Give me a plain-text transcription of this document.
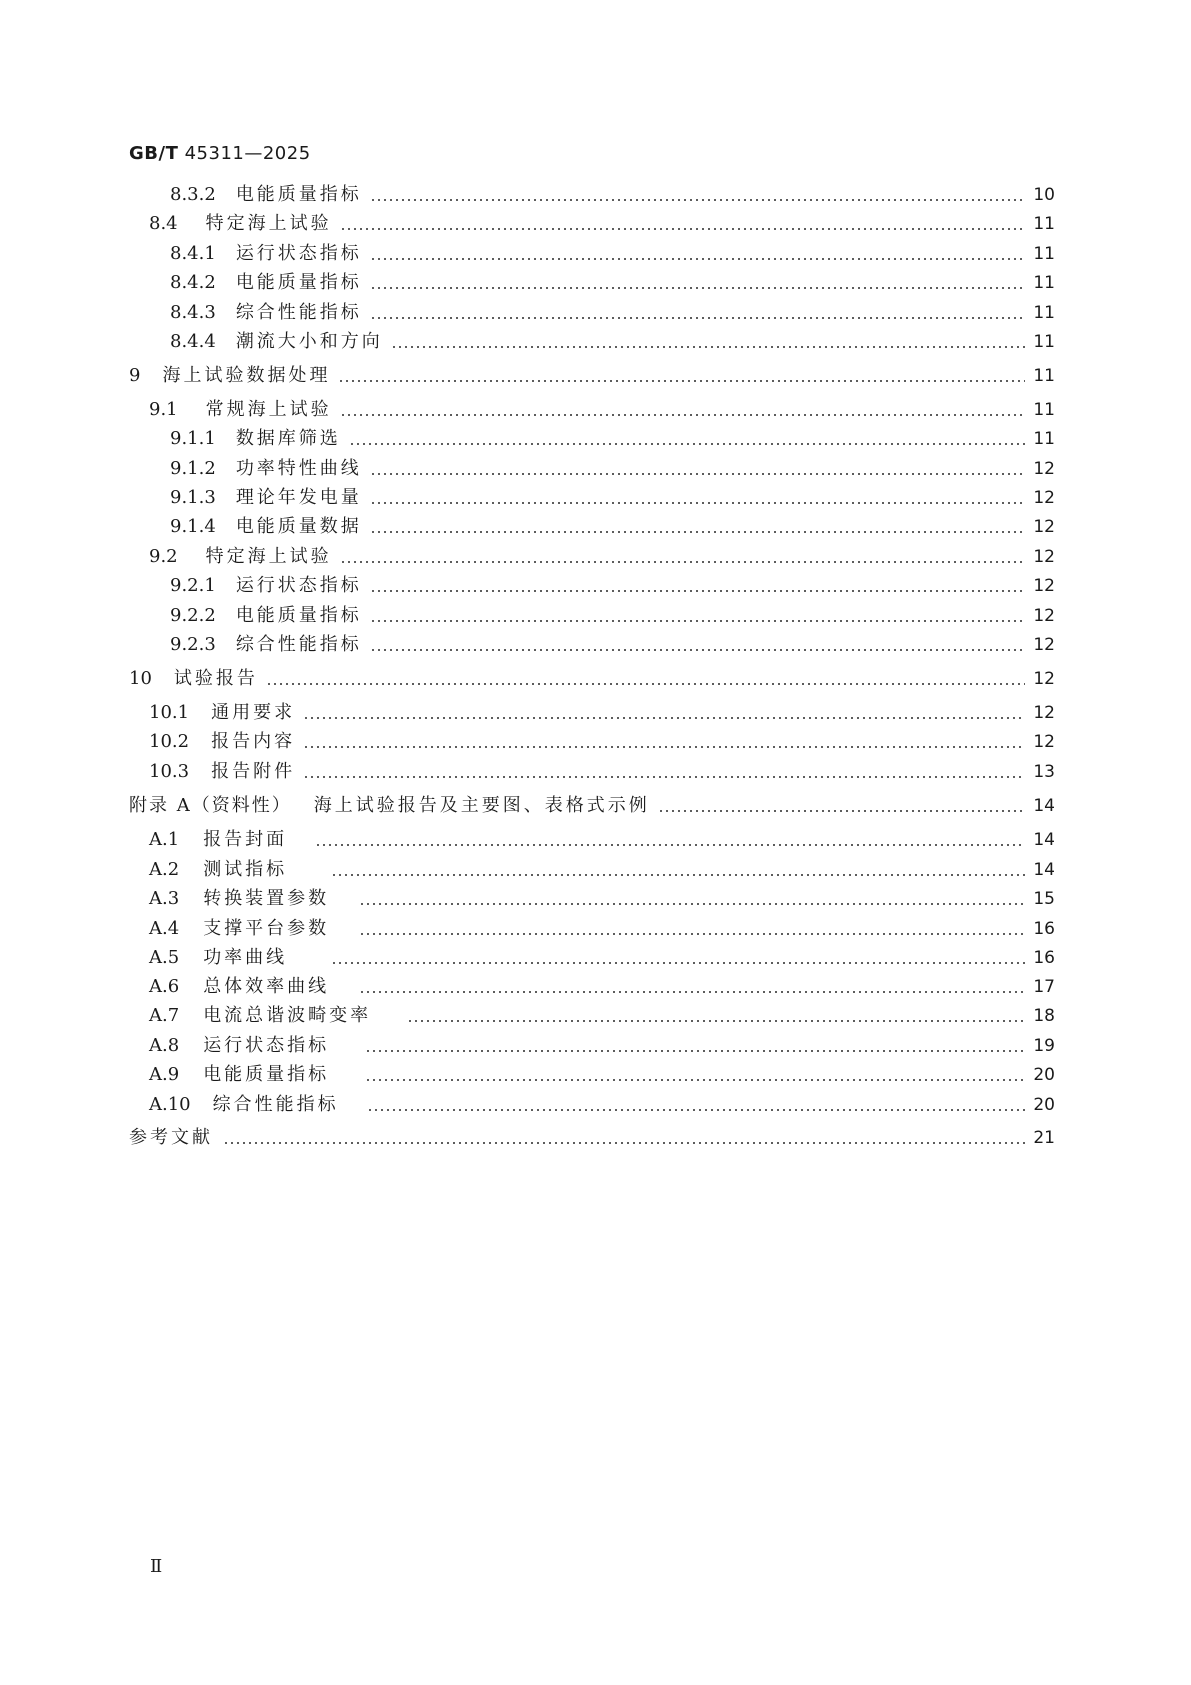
GB/T 45311—2025
8.3.2 电能质量指标	10
8.4 特定海上试验	11
8.4.1 运行状态指标	11
8.4.2 电能质量指标	11
8.4.3 综合性能指标	11
8.4.4 潮流大小和方向	11
9 海上试验数据处理	11
9.1 常规海上试验	11
9.1.1 数据库筛选	11
9.1.2 功率特性曲线	12
9.1.3 理论年发电量	12
9.1.4 电能质量数据	12
9.2 特定海上试验	12
9.2.1 运行状态指标	12
9.2.2 电能质量指标	12
9.2.3 综合性能指标	12
10 试验报告	12
10.1 通用要求	12
10.2 报告内容	12
10.3 报告附件	13
附录 A（资料性） 海上试验报告及主要图、表格式示例	14
A.1 报告封面	14
A.2 测试指标	14
A.3 转换装置参数	15
A.4 支撑平台参数	16
A.5 功率曲线	16
A.6 总体效率曲线	17
A.7 电流总谐波畸变率	18
A.8 运行状态指标	19
A.9 电能质量指标	20
A.10 综合性能指标	20
参考文献	21
Ⅱ
